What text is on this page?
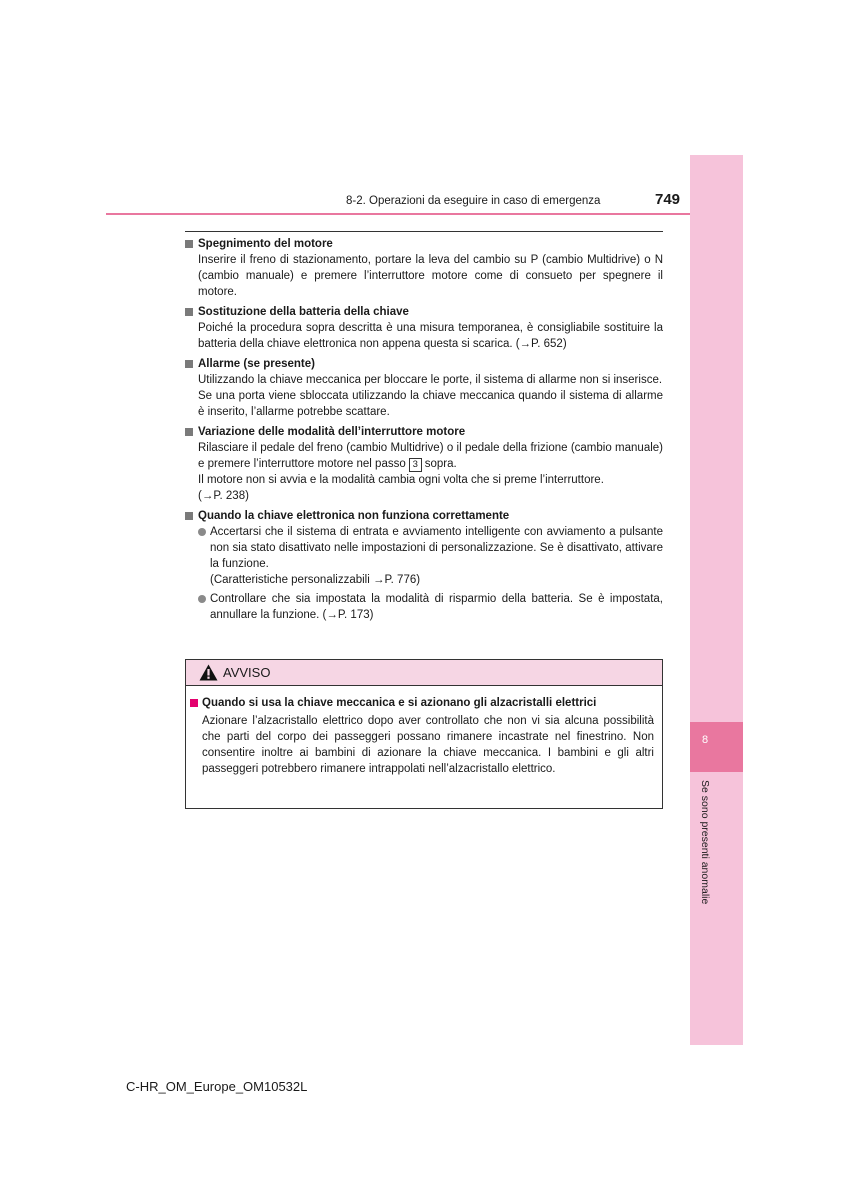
8
Se sono presenti anomalie
8-2. Operazioni da eseguire in caso di emergenza	749
Spegnimento del motore
Inserire il freno di stazionamento, portare la leva del cambio su P (cambio Multidrive) o N (cambio manuale) e premere l’interruttore motore come di consueto per spegnere il motore.
Sostituzione della batteria della chiave
Poiché la procedura sopra descritta è una misura temporanea, è consigliabile sostituire la batteria della chiave elettronica non appena questa si scarica. (→P. 652)
Allarme (se presente)
Utilizzando la chiave meccanica per bloccare le porte, il sistema di allarme non si inserisce.
Se una porta viene sbloccata utilizzando la chiave meccanica quando il sistema di allarme è inserito, l’allarme potrebbe scattare.
Variazione delle modalità dell’interruttore motore
Rilasciare il pedale del freno (cambio Multidrive) o il pedale della frizione (cambio manuale) e premere l’interruttore motore nel passo 3 sopra.
Il motore non si avvia e la modalità cambia ogni volta che si preme l’interruttore.
(→P. 238)
Quando la chiave elettronica non funziona correttamente
Accertarsi che il sistema di entrata e avviamento intelligente con avviamento a pulsante non sia stato disattivato nelle impostazioni di personalizzazione. Se è disattivato, attivare la funzione.
(Caratteristiche personalizzabili →P. 776)
Controllare che sia impostata la modalità di risparmio della batteria. Se è impostata, annullare la funzione. (→P. 173)
AVVISO
Quando si usa la chiave meccanica e si azionano gli alzacristalli elettrici
Azionare l’alzacristallo elettrico dopo aver controllato che non vi sia alcuna possibilità che parti del corpo dei passeggeri possano rimanere incastrate nel finestrino. Non consentire inoltre ai bambini di azionare la chiave meccanica. I bambini e gli altri passeggeri potrebbero rimanere intrappolati nell’alzacristallo elettrico.
C-HR_OM_Europe_OM10532L
